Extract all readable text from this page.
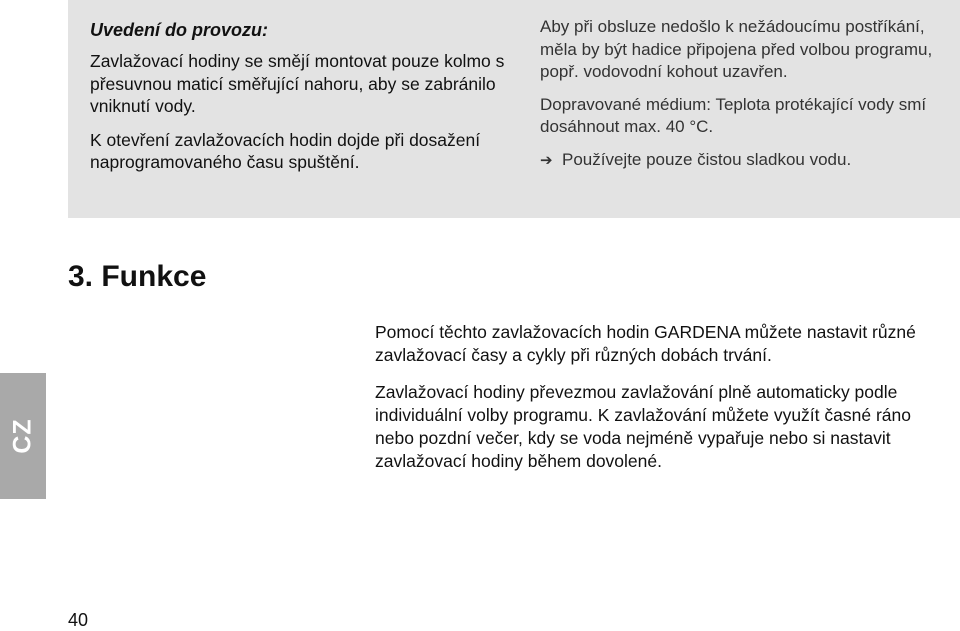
Uvedení do provozu:

Zavlažovací hodiny se smějí montovat pouze kolmo s přesuvnou maticí směřující nahoru, aby se zabránilo vniknutí vody.

K otevření zavlažovacích hodin dojde při dosažení naprogramovaného času spuštění.

Aby při obsluze nedošlo k nežádoucímu postříkání, měla by být hadice připojena před volbou programu, popř. vodovodní kohout uzavřen.

Dopravované médium: Teplota protékající vody smí dosáhnout max. 40 °C.

➔ Používejte pouze čistou sladkou vodu.

3. Funkce

Pomocí těchto zavlažovacích hodin GARDENA můžete nastavit různé zavlažovací časy a cykly při různých dobách trvání.

Zavlažovací hodiny převezmou zavlažování plně automaticky podle individuální volby programu. K zavlažování můžete využít časné ráno nebo pozdní večer, kdy se voda nejméně vypařuje nebo si nastavit zavlažovací hodiny během dovolené.

CZ
40
